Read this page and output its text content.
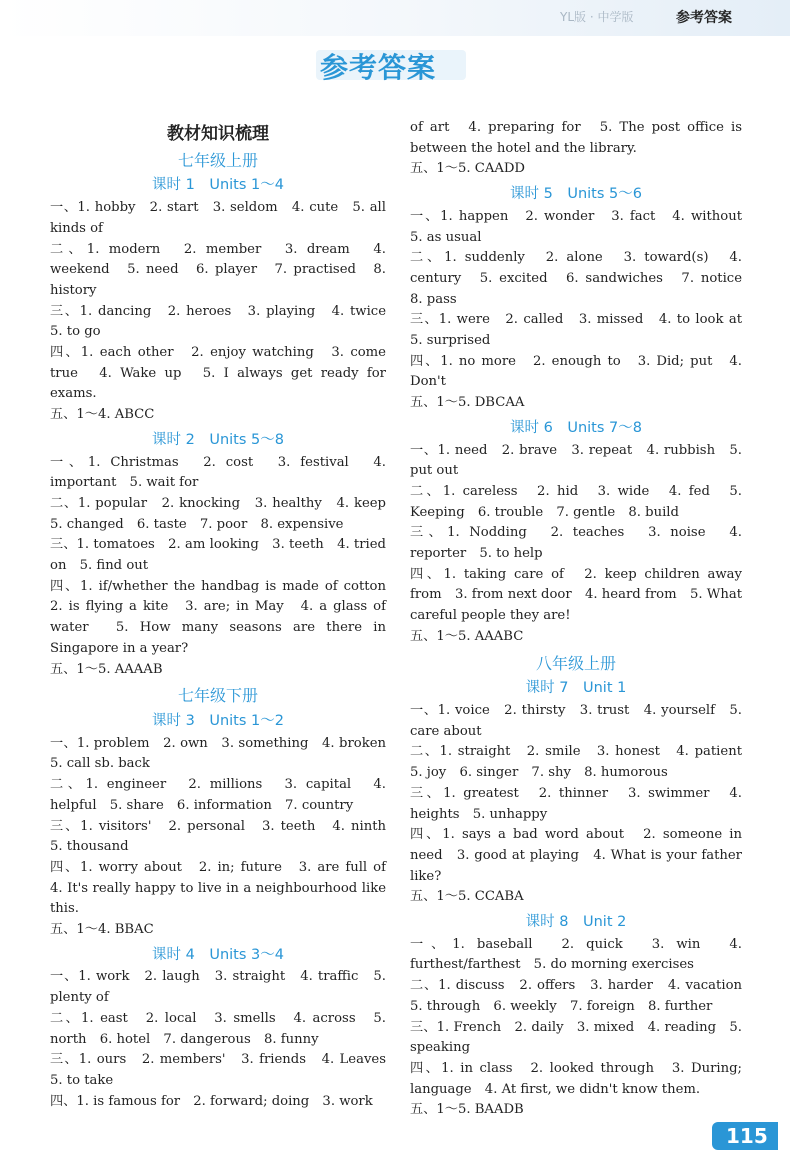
YL版 · 中学版	参考答案
参考答案
教材知识梳理
七年级上册
课时 1　Units 1～4

一、1. hobby　2. start　3. seldom　4. cute　5. all kinds of

二、1. modern　2. member　3. dream　4. weekend　5. need　6. player　7. practised　8. history

三、1. dancing　2. heroes　3. playing　4. twice　5. to go

四、1. each other　2. enjoy watching　3. come true　4. Wake up　5. I always get ready for exams.

五、1～4. ABCC

课时 2　Units 5～8

一、1. Christmas　2. cost　3. festival　4. important　5. wait for

二、1. popular　2. knocking　3. healthy　4. keep　5. changed　6. taste　7. poor　8. expensive

三、1. tomatoes　2. am looking　3. teeth　4. tried on　5. find out

四、1. if/whether the handbag is made of cotton　2. is flying a kite　3. are; in May　4. a glass of water　5. How many seasons are there in Singapore in a year?

五、1～5. AAAAB

七年级下册
课时 3　Units 1～2

一、1. problem　2. own　3. something　4. broken　5. call sb. back

二、1. engineer　2. millions　3. capital　4. helpful　5. share　6. information　7. country

三、1. visitors'　2. personal　3. teeth　4. ninth　5. thousand

四、1. worry about　2. in; future　3. are full of　4. It's really happy to live in a neighbourhood like this.

五、1～4. BBAC

课时 4　Units 3～4

一、1. work　2. laugh　3. straight　4. traffic　5. plenty of

二、1. east　2. local　3. smells　4. across　5. north　6. hotel　7. dangerous　8. funny

三、1. ours　2. members'　3. friends　4. Leaves　5. to take

四、1. is famous for　2. forward; doing　3. work

of art　4. preparing for　5. The post office is between the hotel and the library.

五、1～5. CAADD

课时 5　Units 5～6

一、1. happen　2. wonder　3. fact　4. without　5. as usual

二、1. suddenly　2. alone　3. toward(s)　4. century　5. excited　6. sandwiches　7. notice　8. pass

三、1. were　2. called　3. missed　4. to look at　5. surprised

四、1. no more　2. enough to　3. Did; put　4. Don't

五、1～5. DBCAA

课时 6　Units 7～8

一、1. need　2. brave　3. repeat　4. rubbish　5. put out

二、1. careless　2. hid　3. wide　4. fed　5. Keeping　6. trouble　7. gentle　8. build

三、1. Nodding　2. teaches　3. noise　4. reporter　5. to help

四、1. taking care of　2. keep children away from　3. from next door　4. heard from　5. What careful people they are!

五、1～5. AAABC

八年级上册
课时 7　Unit 1

一、1. voice　2. thirsty　3. trust　4. yourself　5. care about

二、1. straight　2. smile　3. honest　4. patient　5. joy　6. singer　7. shy　8. humorous

三、1. greatest　2. thinner　3. swimmer　4. heights　5. unhappy

四、1. says a bad word about　2. someone in need　3. good at playing　4. What is your father like?

五、1～5. CCABA

课时 8　Unit 2

一、1. baseball　2. quick　3. win　4. furthest/farthest　5. do morning exercises

二、1. discuss　2. offers　3. harder　4. vacation　5. through　6. weekly　7. foreign　8. further

三、1. French　2. daily　3. mixed　4. reading　5. speaking

四、1. in class　2. looked through　3. During; language　4. At first, we didn't know them.

五、1～5. BAADB

115
